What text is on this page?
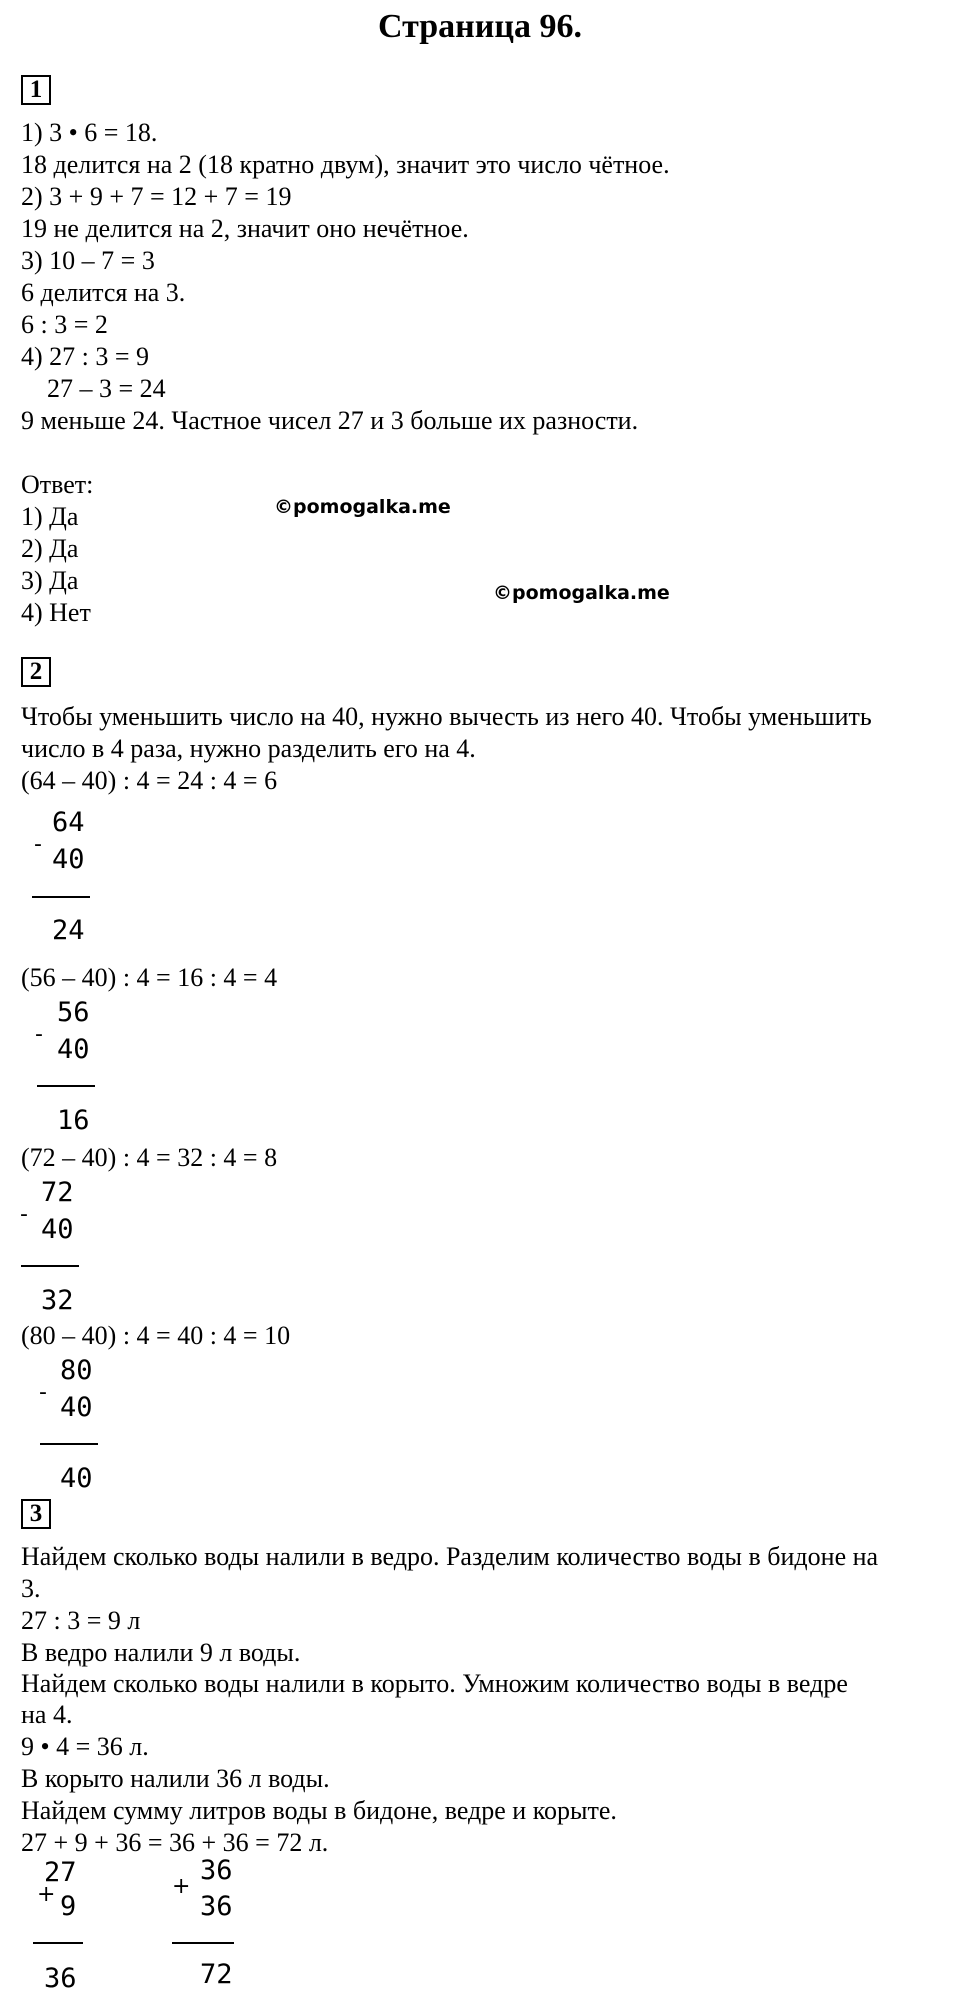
Страница 96.
1
1) 3 • 6 = 18.
18 делится на 2 (18 кратно двум), значит это число чётное.
2) 3 + 9 + 7 = 12 + 7 = 19
19 не делится на 2, значит оно нечётное.
3) 10 – 7 = 3
6 делится на 3.
6 : 3 = 2
4) 27 : 3 = 9
27 – 3 = 24
9 меньше 24. Частное чисел 27 и 3 больше их разности.
Ответ:
1) Да
2) Да
3) Да
4) Нет
©pomogalka.me
©pomogalka.me
2
Чтобы уменьшить число на 40, нужно вычесть из него 40. Чтобы уменьшить
число в 4 раза, нужно разделить его на 4.
(64 – 40) : 4 = 24 : 4 = 6
-
64
40
24
(56 – 40) : 4 = 16 : 4 = 4
-
56
40
16
(72 – 40) : 4 = 32 : 4 = 8
-
72
40
32
(80 – 40) : 4 = 40 : 4 = 10
-
80
40
40
3
Найдем сколько воды налили в ведро. Разделим количество воды в бидоне на
3.
27 : 3 = 9 л
В ведро налили 9 л воды.
Найдем сколько воды налили в корыто. Умножим количество воды в ведре
на 4.
9 • 4 = 36 л.
В корыто налили 36 л воды.
Найдем сумму литров воды в бидоне, ведре и корыте.
27 + 9 + 36 = 36 + 36 = 72 л.
+
27
9
36
+
36
36
72
